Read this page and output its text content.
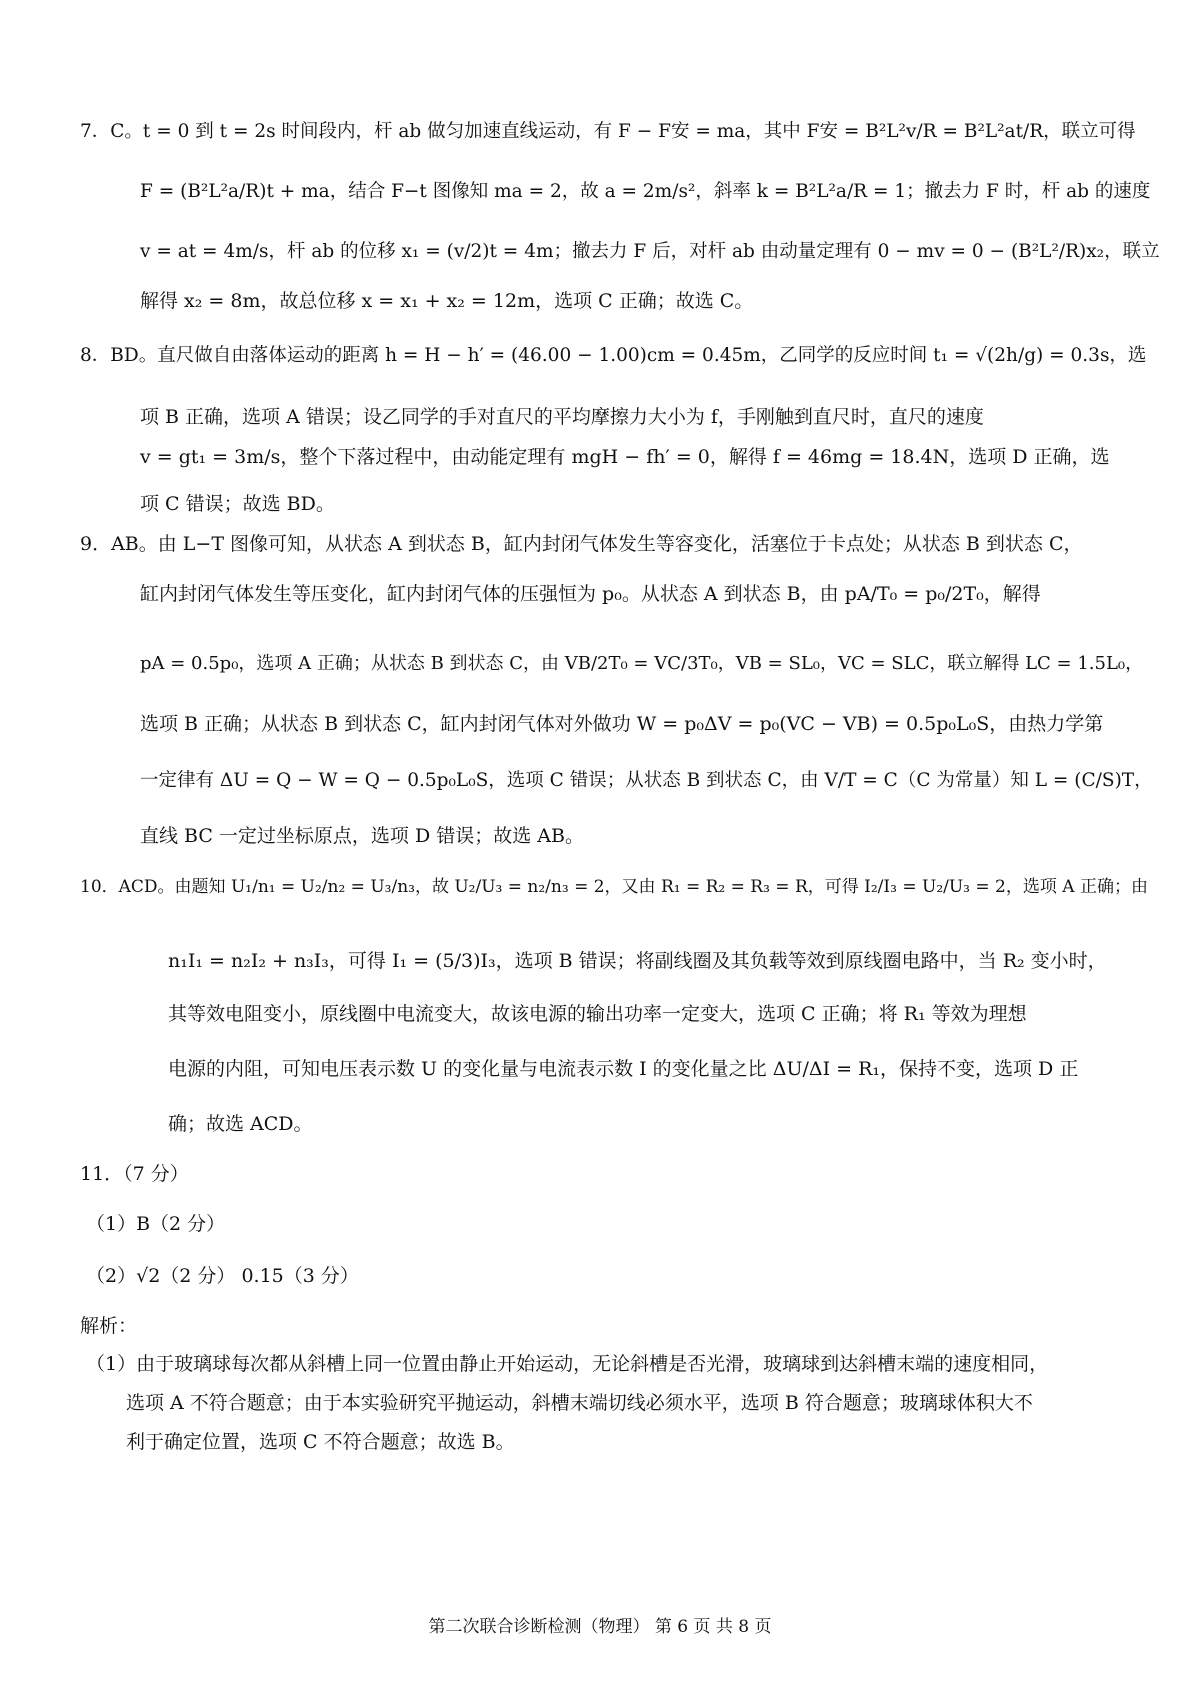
7．C。t = 0 到 t = 2s 时间段内，杆 ab 做匀加速直线运动，有 F − F安 = ma，其中 F安 = B²L²v/R = B²L²at/R，联立可得
F = (B²L²a/R)t + ma，结合 F−t 图像知 ma = 2，故 a = 2m/s²，斜率 k = B²L²a/R = 1；撤去力 F 时，杆 ab 的速度
v = at = 4m/s，杆 ab 的位移 x₁ = (v/2)t = 4m；撤去力 F 后，对杆 ab 由动量定理有 0 − mv = 0 − (B²L²/R)x₂，联立
解得 x₂ = 8m，故总位移 x = x₁ + x₂ = 12m，选项 C 正确；故选 C。
8．BD。直尺做自由落体运动的距离 h = H − h′ = (46.00 − 1.00)cm = 0.45m，乙同学的反应时间 t₁ = √(2h/g) = 0.3s，选
项 B 正确，选项 A 错误；设乙同学的手对直尺的平均摩擦力大小为 f，手刚触到直尺时，直尺的速度
v = gt₁ = 3m/s，整个下落过程中，由动能定理有 mgH − fh′ = 0，解得 f = 46mg = 18.4N，选项 D 正确，选
项 C 错误；故选 BD。
9．AB。由 L−T 图像可知，从状态 A 到状态 B，缸内封闭气体发生等容变化，活塞位于卡点处；从状态 B 到状态 C，
缸内封闭气体发生等压变化，缸内封闭气体的压强恒为 p₀。从状态 A 到状态 B，由 pA/T₀ = p₀/2T₀，解得
pA = 0.5p₀，选项 A 正确；从状态 B 到状态 C，由 VB/2T₀ = VC/3T₀，VB = SL₀，VC = SLC，联立解得 LC = 1.5L₀，
选项 B 正确；从状态 B 到状态 C，缸内封闭气体对外做功 W = p₀ΔV = p₀(VC − VB) = 0.5p₀L₀S，由热力学第
一定律有 ΔU = Q − W = Q − 0.5p₀L₀S，选项 C 错误；从状态 B 到状态 C，由 V/T = C（C 为常量）知 L = (C/S)T，
直线 BC 一定过坐标原点，选项 D 错误；故选 AB。
10．ACD。由题知 U₁/n₁ = U₂/n₂ = U₃/n₃，故 U₂/U₃ = n₂/n₃ = 2，又由 R₁ = R₂ = R₃ = R，可得 I₂/I₃ = U₂/U₃ = 2，选项 A 正确；由
n₁I₁ = n₂I₂ + n₃I₃，可得 I₁ = (5/3)I₃，选项 B 错误；将副线圈及其负载等效到原线圈电路中，当 R₂ 变小时，
其等效电阻变小，原线圈中电流变大，故该电源的输出功率一定变大，选项 C 正确；将 R₁ 等效为理想
电源的内阻，可知电压表示数 U 的变化量与电流表示数 I 的变化量之比 ΔU/ΔI = R₁，保持不变，选项 D 正
确；故选 ACD。
11．（7 分）
（1）B（2 分）
（2）√2（2 分） 0.15（3 分）
解析：
（1）由于玻璃球每次都从斜槽上同一位置由静止开始运动，无论斜槽是否光滑，玻璃球到达斜槽末端的速度相同，
选项 A 不符合题意；由于本实验研究平抛运动，斜槽末端切线必须水平，选项 B 符合题意；玻璃球体积大不
利于确定位置，选项 C 不符合题意；故选 B。
第二次联合诊断检测（物理） 第 6 页 共 8 页
